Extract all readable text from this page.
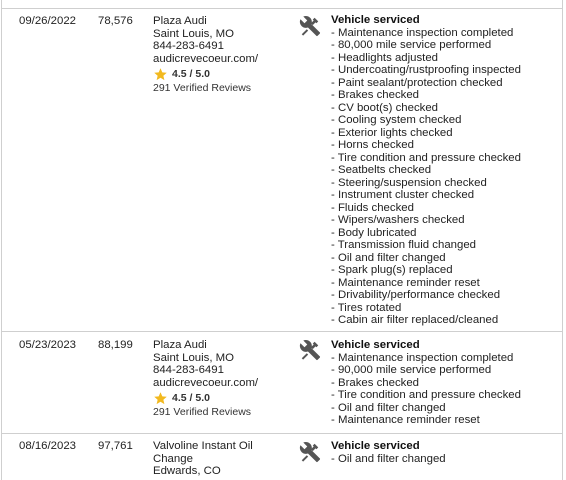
09/26/2022	78,576	Plaza Audi
Saint Louis, MO
844-283-6491
audicrevecoeur.com/
4.5 / 5.0
291 Verified Reviews
Vehicle serviced
- Maintenance inspection completed
- 80,000 mile service performed
- Headlights adjusted
- Undercoating/rustproofing inspected
- Paint sealant/protection checked
- Brakes checked
- CV boot(s) checked
- Cooling system checked
- Exterior lights checked
- Horns checked
- Tire condition and pressure checked
- Seatbelts checked
- Steering/suspension checked
- Instrument cluster checked
- Fluids checked
- Wipers/washers checked
- Body lubricated
- Transmission fluid changed
- Oil and filter changed
- Spark plug(s) replaced
- Maintenance reminder reset
- Drivability/performance checked
- Tires rotated
- Cabin air filter replaced/cleaned
05/23/2023	88,199	Plaza Audi
Saint Louis, MO
844-283-6491
audicrevecoeur.com/
4.5 / 5.0
291 Verified Reviews
Vehicle serviced
- Maintenance inspection completed
- 90,000 mile service performed
- Brakes checked
- Tire condition and pressure checked
- Oil and filter changed
- Maintenance reminder reset
08/16/2023	97,761	Valvoline Instant Oil
Change
Edwards, CO
Vehicle serviced
- Oil and filter changed
